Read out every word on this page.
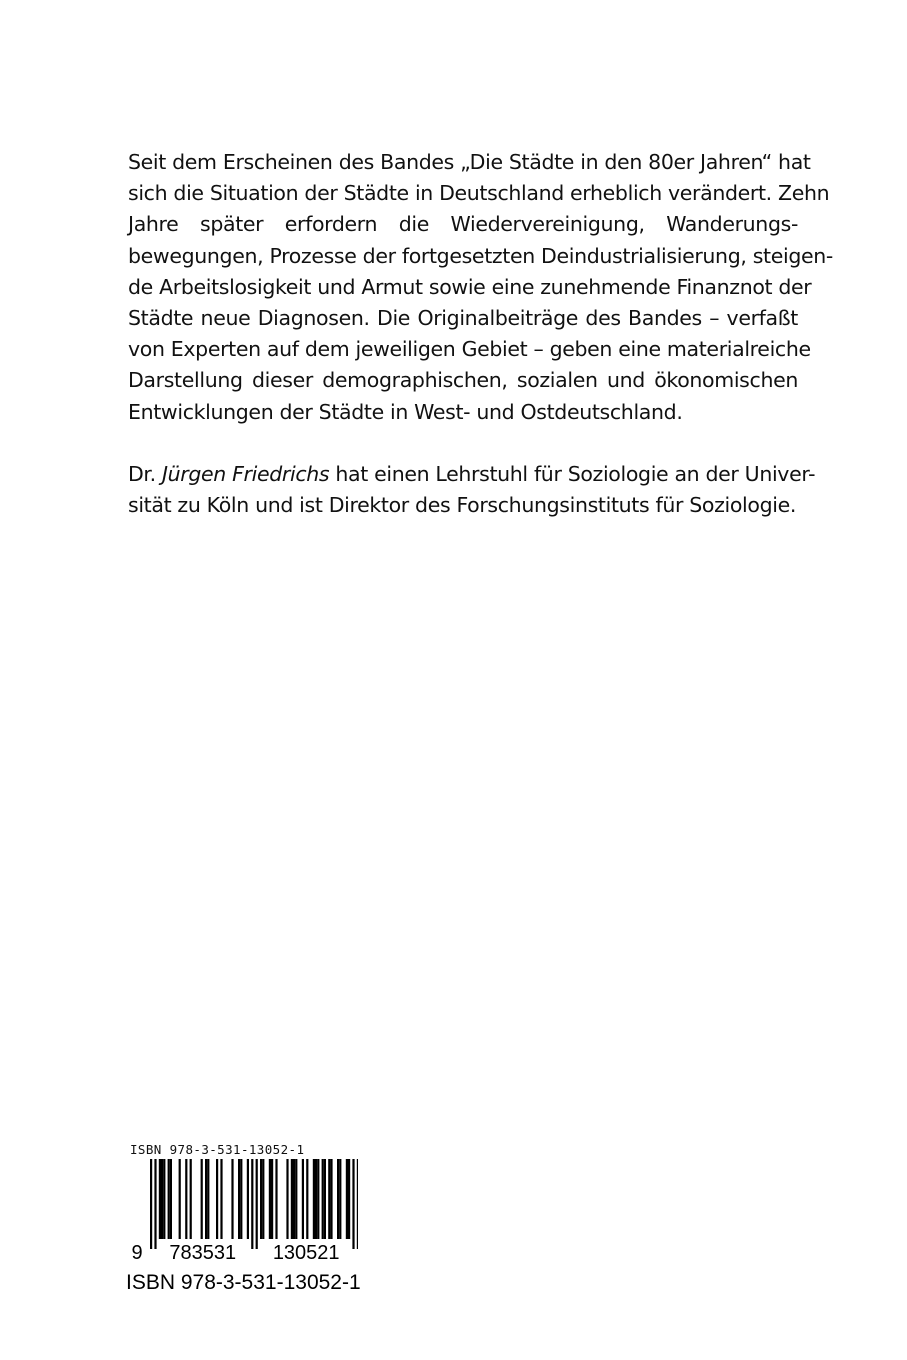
Seit dem Erscheinen des Bandes „Die Städte in den 80er Jahren“ hat
sich die Situation der Städte in Deutschland erheblich verändert. Zehn
Jahre später erfordern die Wiedervereinigung, Wanderungs-
bewegungen, Prozesse der fortgesetzten Deindustrialisierung, steigen-
de Arbeitslosigkeit und Armut sowie eine zunehmende Finanznot der
Städte neue Diagnosen. Die Originalbeiträge des Bandes – verfaßt
von Experten auf dem jeweiligen Gebiet – geben eine materialreiche
Darstellung dieser demographischen, sozialen und ökonomischen
Entwicklungen der Städte in West- und Ostdeutschland.

Dr. Jürgen Friedrichs hat einen Lehrstuhl für Soziologie an der Univer-
sität zu Köln und ist Direktor des Forschungsinstituts für Soziologie.

ISBN 978-3-531-13052-1
9 783531 130521
ISBN 978-3-531-13052-1
